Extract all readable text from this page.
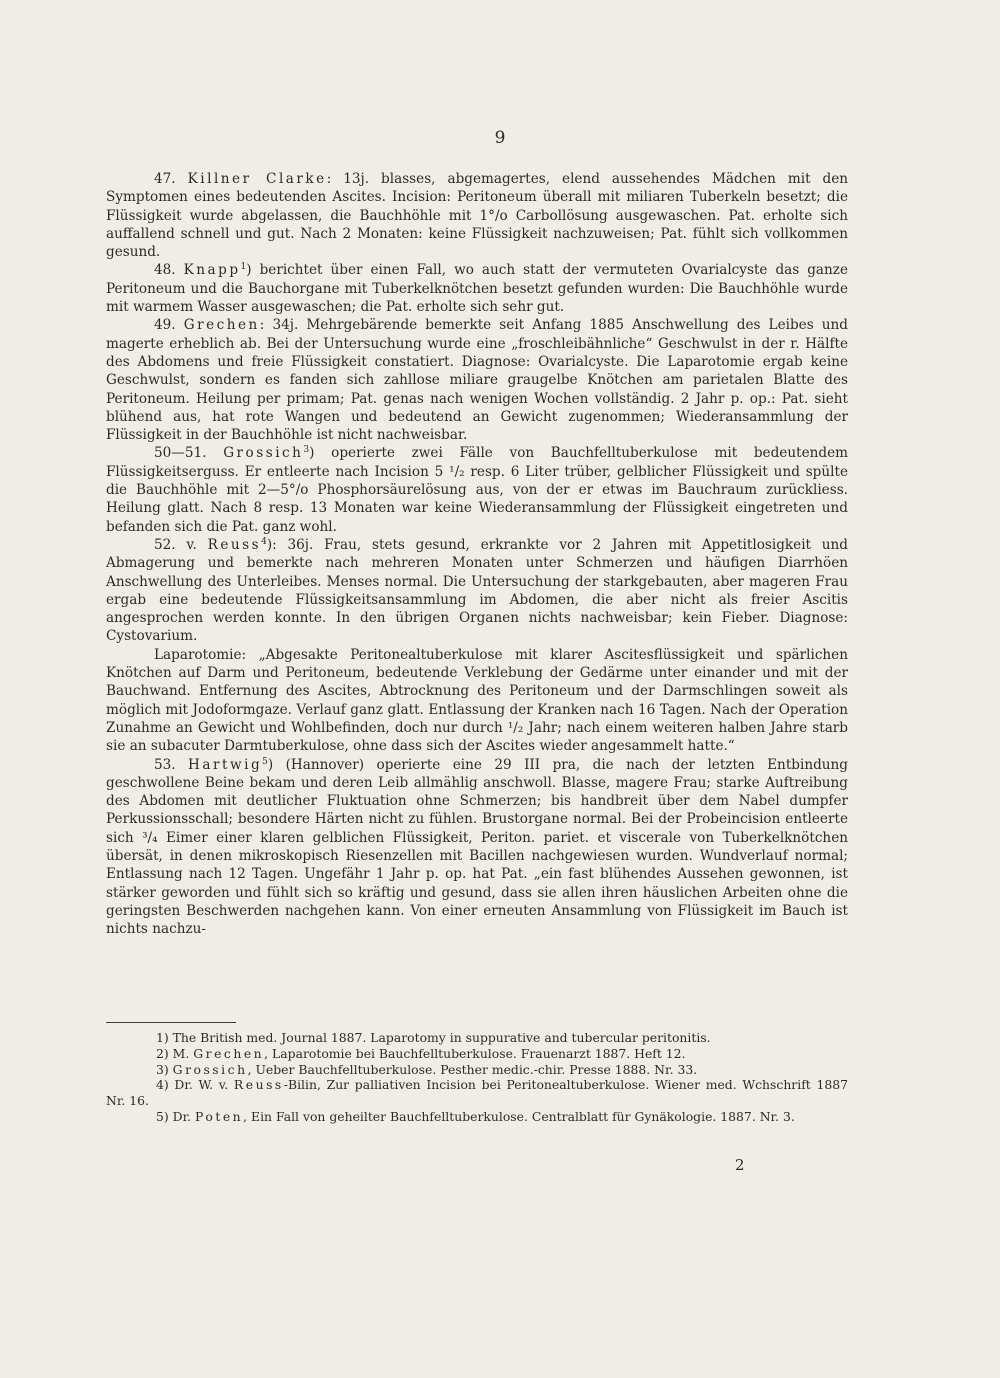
9

47. Killner Clarke: 13j. blasses, abgemagertes, elend aussehendes Mädchen mit den Symptomen eines bedeutenden Ascites. Incision: Peritoneum überall mit miliaren Tuberkeln besetzt; die Flüssigkeit wurde abgelassen, die Bauchhöhle mit 1°/o Carbollösung ausgewaschen. Pat. erholte sich auffallend schnell und gut. Nach 2 Monaten: keine Flüssigkeit nachzuweisen; Pat. fühlt sich vollkommen gesund.

48. Knapp$^1$) berichtet über einen Fall, wo auch statt der vermuteten Ovarialcyste das ganze Peritoneum und die Bauchorgane mit Tuberkelknötchen besetzt gefunden wurden: Die Bauchhöhle wurde mit warmem Wasser ausgewaschen; die Pat. erholte sich sehr gut.

49. Grechen: 34j. Mehrgebärende bemerkte seit Anfang 1885 Anschwellung des Leibes und magerte erheblich ab. Bei der Untersuchung wurde eine „froschleibähnliche“ Geschwulst in der r. Hälfte des Abdomens und freie Flüssigkeit constatiert. Diagnose: Ovarialcyste. Die Laparotomie ergab keine Geschwulst, sondern es fanden sich zahllose miliare graugelbe Knötchen am parietalen Blatte des Peritoneum. Heilung per primam; Pat. genas nach wenigen Wochen vollständig. 2 Jahr p. op.: Pat. sieht blühend aus, hat rote Wangen und bedeutend an Gewicht zugenommen; Wiederansammlung der Flüssigkeit in der Bauchhöhle ist nicht nachweisbar.

50—51. Grossich$^3$) operierte zwei Fälle von Bauchfelltuberkulose mit bedeutendem Flüssigkeitserguss. Er entleerte nach Incision 5 ¹/₂ resp. 6 Liter trüber, gelblicher Flüssigkeit und spülte die Bauchhöhle mit 2—5°/o Phosphorsäurelösung aus, von der er etwas im Bauchraum zurückliess. Heilung glatt. Nach 8 resp. 13 Monaten war keine Wiederansammlung der Flüssigkeit eingetreten und befanden sich die Pat. ganz wohl.

52. v. Reuss$^4$): 36j. Frau, stets gesund, erkrankte vor 2 Jahren mit Appetitlosigkeit und Abmagerung und bemerkte nach mehreren Monaten unter Schmerzen und häufigen Diarrhöen Anschwellung des Unterleibes. Menses normal. Die Untersuchung der starkgebauten, aber mageren Frau ergab eine bedeutende Flüssigkeitsansammlung im Abdomen, die aber nicht als freier Ascitis angesprochen werden konnte. In den übrigen Organen nichts nachweisbar; kein Fieber. Diagnose: Cystovarium.

Laparotomie: „Abgesakte Peritonealtuberkulose mit klarer Ascitesflüssigkeit und spärlichen Knötchen auf Darm und Peritoneum, bedeutende Verklebung der Gedärme unter einander und mit der Bauchwand. Entfernung des Ascites, Abtrocknung des Peritoneum und der Darmschlingen soweit als möglich mit Jodoformgaze. Verlauf ganz glatt. Entlassung der Kranken nach 16 Tagen. Nach der Operation Zunahme an Gewicht und Wohlbefinden, doch nur durch ¹/₂ Jahr; nach einem weiteren halben Jahre starb sie an subacuter Darmtuberkulose, ohne dass sich der Ascites wieder angesammelt hatte.“

53. Hartwig$^5$) (Hannover) operierte eine 29 III pra, die nach der letzten Entbindung geschwollene Beine bekam und deren Leib allmählig anschwoll. Blasse, magere Frau; starke Auftreibung des Abdomen mit deutlicher Fluktuation ohne Schmerzen; bis handbreit über dem Nabel dumpfer Perkussionsschall; besondere Härten nicht zu fühlen. Brustorgane normal. Bei der Probeincision entleerte sich ³/₄ Eimer einer klaren gelblichen Flüssigkeit, Periton. pariet. et viscerale von Tuberkelknötchen übersät, in denen mikroskopisch Riesenzellen mit Bacillen nachgewiesen wurden. Wundverlauf normal; Entlassung nach 12 Tagen. Ungefähr 1 Jahr p. op. hat Pat. „ein fast blühendes Aussehen gewonnen, ist stärker geworden und fühlt sich so kräftig und gesund, dass sie allen ihren häuslichen Arbeiten ohne die geringsten Beschwerden nachgehen kann. Von einer erneuten Ansammlung von Flüssigkeit im Bauch ist nichts nachzu-

1) The British med. Journal 1887. Laparotomy in suppurative and tubercular peritonitis.

2) M. Grechen, Laparotomie bei Bauchfelltuberkulose. Frauenarzt 1887. Heft 12.

3) Grossich, Ueber Bauchfelltuberkulose. Pesther medic.-chir. Presse 1888. Nr. 33.

4) Dr. W. v. Reuss-Bilin, Zur palliativen Incision bei Peritonealtuberkulose. Wiener med. Wchschrift 1887 Nr. 16.

5) Dr. Poten, Ein Fall von geheilter Bauchfelltuberkulose. Centralblatt für Gynäkologie. 1887. Nr. 3.

2
